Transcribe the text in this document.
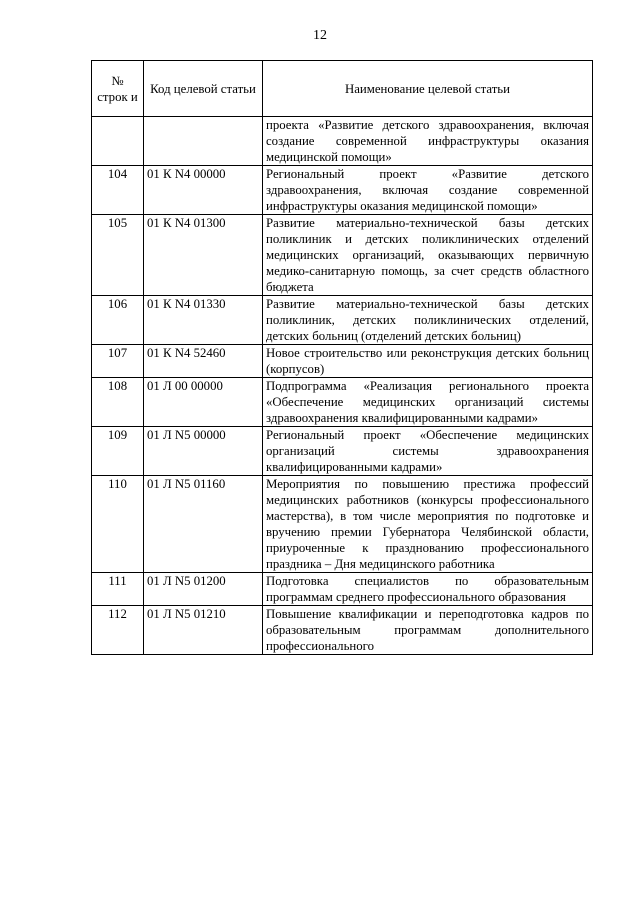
12
№ строк и	Код целевой статьи	Наименование целевой статьи
		проекта «Развитие детского здравоохранения, включая создание современной инфраструктуры оказания медицинской помощи»
104	01 К N4 00000	Региональный проект «Развитие детского здравоохранения, включая создание современной инфраструктуры оказания медицинской помощи»
105	01 К N4 01300	Развитие материально-технической базы детских поликлиник и детских поликлинических отделений медицинских организаций, оказывающих первичную медико-санитарную помощь, за счет средств областного бюджета
106	01 К N4 01330	Развитие материально-технической базы детских поликлиник, детских поликлинических отделений, детских больниц (отделений детских больниц)
107	01 К N4 52460	Новое строительство или реконструкция детских больниц (корпусов)
108	01 Л 00 00000	Подпрограмма «Реализация регионального проекта «Обеспечение медицинских организаций системы здравоохранения квалифицированными кадрами»
109	01 Л N5 00000	Региональный проект «Обеспечение медицинских организаций системы здравоохранения квалифицированными кадрами»
110	01 Л N5 01160	Мероприятия по повышению престижа профессий медицинских работников (конкурсы профессионального мастерства), в том числе мероприятия по подготовке и вручению премии Губернатора Челябинской области, приуроченные к празднованию профессионального праздника – Дня медицинского работника
111	01 Л N5 01200	Подготовка специалистов по образовательным программам среднего профессионального образования
112	01 Л N5 01210	Повышение квалификации и переподготовка кадров по образовательным программам дополнительного профессионального
